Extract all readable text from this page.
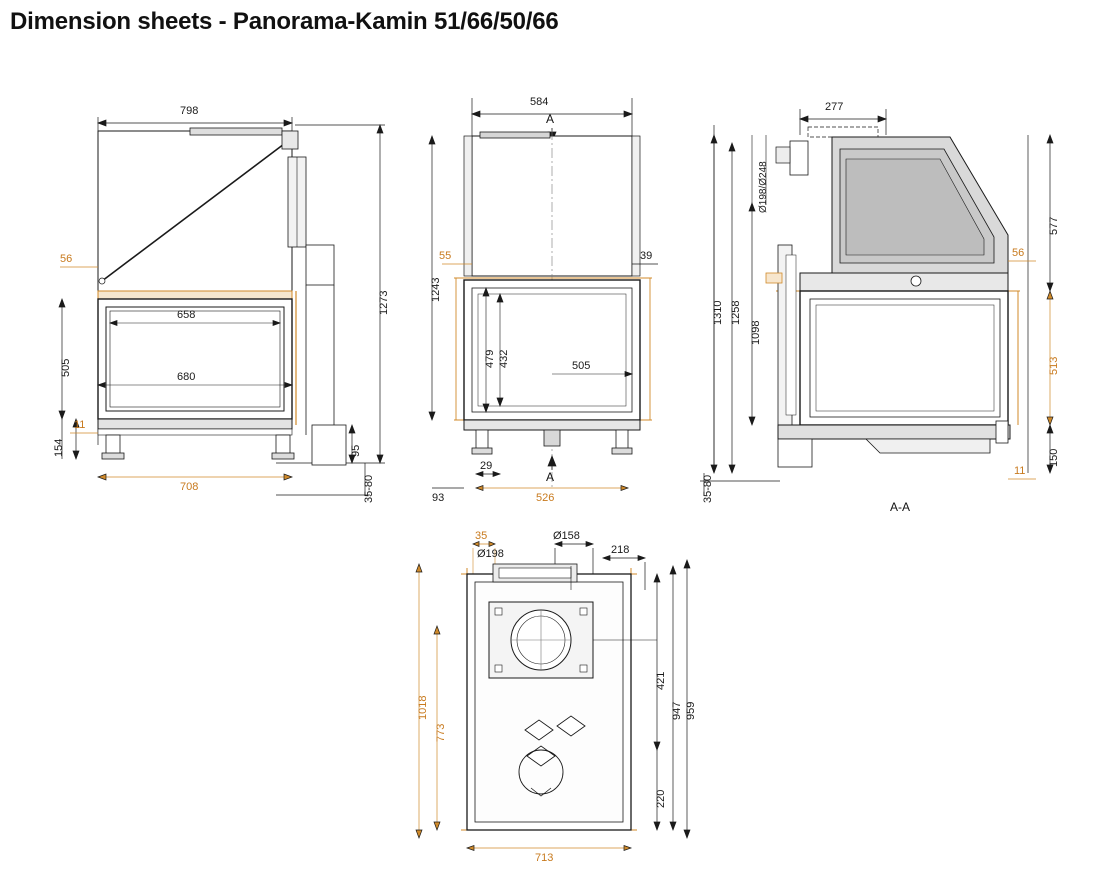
Dimension sheets - Panorama-Kamin 51/66/50/66
798
1273
658
680
505
154
56
11
708
95
35-80
584
A
1243
55	39
479 432	505
29
526
93
A
277
Ø198/Ø248
1310 1258
1098
577
56
513
150
11
35-80
A-A
35
Ø198
Ø158
218
1018
773
947 959
421
220
713
